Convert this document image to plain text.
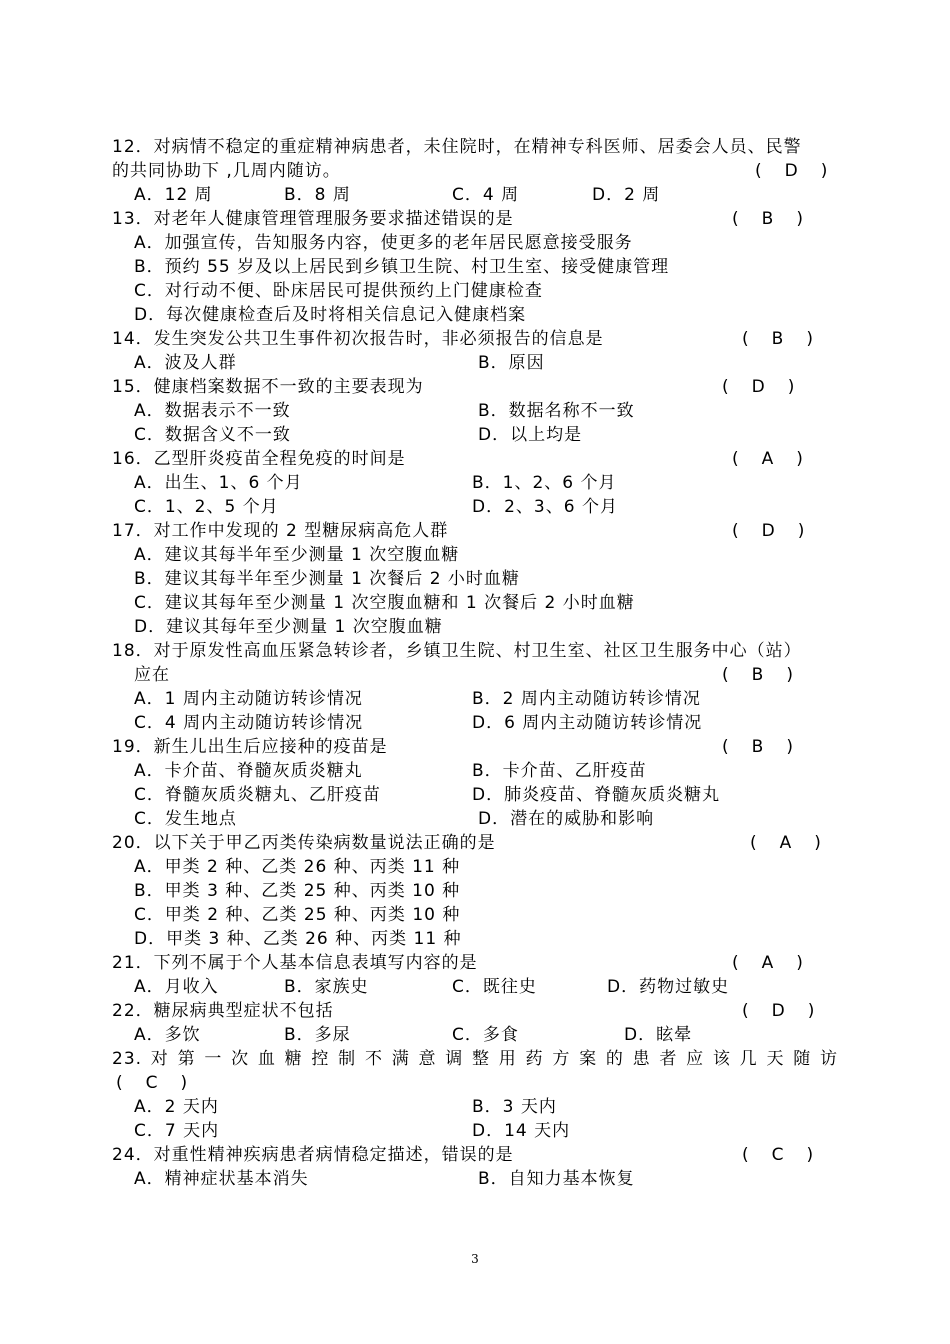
12．对病情不稳定的重症精神病患者，未住院时，在精神专科医师、居委会人员、民警
的共同协助下 ,几周内随访。	( D )
A．12 周	B．8 周	C．4 周	D．2 周
13．对老年人健康管理管理服务要求描述错误的是	( B )
A．加强宣传，告知服务内容，使更多的老年居民愿意接受服务
B．预约 55 岁及以上居民到乡镇卫生院、村卫生室、接受健康管理
C．对行动不便、卧床居民可提供预约上门健康检查
D．每次健康检查后及时将相关信息记入健康档案
14．发生突发公共卫生事件初次报告时，非必须报告的信息是	( B )
A．波及人群	B．原因
15．健康档案数据不一致的主要表现为	( D )
A．数据表示不一致	B．数据名称不一致
C．数据含义不一致	D．以上均是
16．乙型肝炎疫苗全程免疫的时间是	( A )
A．出生、1、6 个月	B．1、2、6 个月
C．1、2、5 个月	D．2、3、6 个月
17．对工作中发现的 2 型糖尿病高危人群	( D )
A．建议其每半年至少测量 1 次空腹血糖
B．建议其每半年至少测量 1 次餐后 2 小时血糖
C．建议其每年至少测量 1 次空腹血糖和 1 次餐后 2 小时血糖
D．建议其每年至少测量 1 次空腹血糖
18．对于原发性高血压紧急转诊者，乡镇卫生院、村卫生室、社区卫生服务中心（站）
应在	( B )
A．1 周内主动随访转诊情况	B．2 周内主动随访转诊情况
C．4 周内主动随访转诊情况	D．6 周内主动随访转诊情况
19．新生儿出生后应接种的疫苗是	( B )
A．卡介苗、脊髓灰质炎糖丸	B．卡介苗、乙肝疫苗
C．脊髓灰质炎糖丸、乙肝疫苗	D．肺炎疫苗、脊髓灰质炎糖丸
C．发生地点	D．潜在的威胁和影响
20．以下关于甲乙丙类传染病数量说法正确的是	( A )
A．甲类 2 种、乙类 26 种、丙类 11 种
B．甲类 3 种、乙类 25 种、丙类 10 种
C．甲类 2 种、乙类 25 种、丙类 10 种
D．甲类 3 种、乙类 26 种、丙类 11 种
21．下列不属于个人基本信息表填写内容的是	( A )
A．月收入	B．家族史	C．既往史	D．药物过敏史
22．糖尿病典型症状不包括	( D )
A．多饮	B．多尿	C．多食	D．眩晕
23.对第一次血糖控制不满意调整用药方案的患者应该几天随访
( C )
A．2 天内	B．3 天内
C．7 天内	D．14 天内
24．对重性精神疾病患者病情稳定描述，错误的是	( C )
A．精神症状基本消失	B．自知力基本恢复
3
